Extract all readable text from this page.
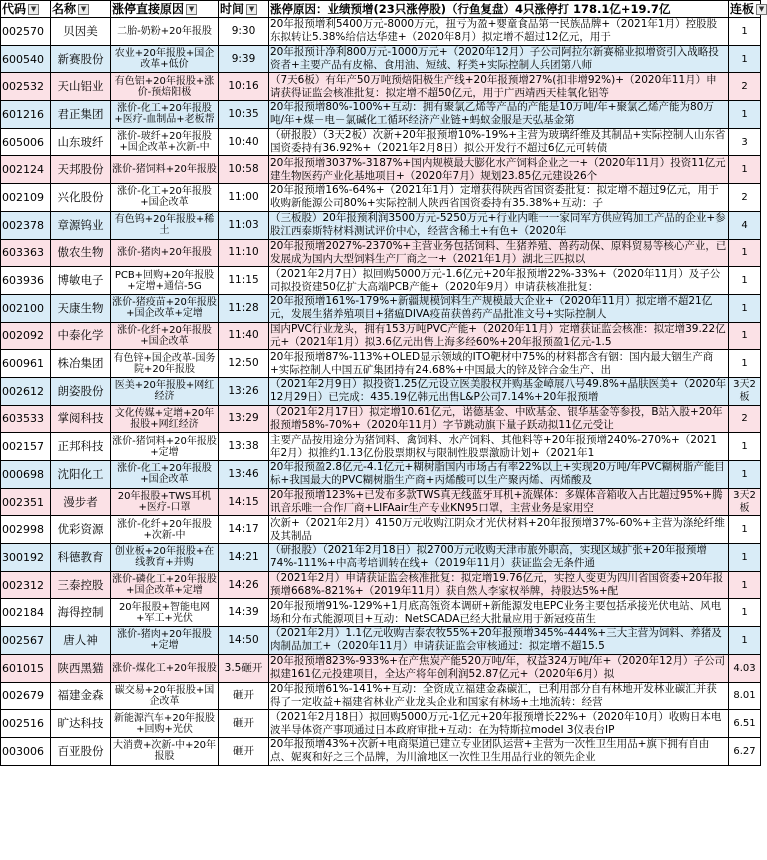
代码 ▼	名称 ▼	涨停直接原因 ▼	时间 ▼	涨停原因：业绩预增(23只涨停股)（行鱼复盘）4只涨停打 178.1亿+19.7亿	连板 ▼
002570	贝因美	二胎-奶粉+20年报股	9:30	20年报预增利5400万元-8000万元，扭亏为盈+婴童食品第一民族品牌+（2021年1月）控股股东拟转让5.38%给信达华建+（2020年8月）拟定增不超过12亿元，用于	1
600540	新赛股份	农业+20年报股+国企改革+低价	9:39	20年报预计净利800万元-1000万元+（2020年12月）子公司阿拉尔新赛棉业拟增资引入战略投资者+主要产品有皮棉、食用油、短绒、籽类+实际控制人兵团第八师	1
002532	天山铝业	有色铝+20年报股+涨价-预焙阳极	10:16	（7天6板）有年产50万吨预焙阳极生产线+20年报预增27%(扣非增92%)+（2020年11月）申请获得证监会核准批复：拟定增不超50亿元，用于广西靖西天桂氧化铝等	2
601216	君正集团	涨价-化工+20年报股+医疗-血制品+老板帮	10:35	20年报预增80%-100%+互动：拥有聚氯乙烯等产品的产能是10万吨/年+聚氯乙烯产能为80万吨/年+煤－电－氯碱化工循环经济产业链+蚂蚁金服是天弘基金第	1
605006	山东玻纤	涨价-玻纤+20年报股+国企改革+次新-中	10:40	（研报股）（3天2板）次新+20年报预增10%-19%+主营为玻璃纤维及其制品+实际控制人山东省国资委持有36.92%+（2021年2月8日）拟公开发行不超过6亿元可转债	3
002124	天邦股份	涨价-猪饲料+20年报股	10:58	20年报预增3037%-3187%+国内规模最大膨化水产饲料企业之一+（2020年11月）投资11亿元建生物医药产业化基地项目+（2020年7月）规划23.85亿元建设26个	1
002109	兴化股份	涨价-化工+20年报股+国企改革	11:00	20年报预增16%-64%+（2021年1月）定增获得陕西省国资委批复：拟定增不超过9亿元，用于收购新能源公司80%+实际控制人陕西省国资委持有35.38%+互动：子	2
002378	章源钨业	有色钨+20年报股+稀土	11:03	（三板股）20年报预利润3500万元-5250万元+行业内唯一一家同军方供应钨加工产品的企业+参股江西泰斯特材料测试评价中心，经营含稀土+有色+（2020年	4
603363	傲农生物	涨价-猪肉+20年报股	11:10	20年报预增2027%-2370%+主营业务包括饲料、生猪养殖、兽药动保、原料贸易等核心产业，已发展成为国内大型饲料生产厂商之一+（2021年1月）湖北三匹拟以	1
603936	博敏电子	PCB+回购+20年报股+定增+通信-5G	11:15	（2021年2月7日）拟回购5000万元-1.6亿元+20年报预增22%-33%+（2020年11月）及子公司拟投资建50亿扩大高端PCB产能+（2020年9月）申请获核准批复：	1
002100	天康生物	涨价-猪疫苗+20年报股+国企改革+定增	11:28	20年报预增161%-179%+新疆规模饲料生产规模最大企业+（2020年11月）拟定增不超21亿元，发展生猪养殖项目+猪瘟DIVA疫苗获兽药产品批准文号+实际控制人	1
002092	中泰化学	涨价-化纤+20年报股+国企改革	11:40	国内PVC行业龙头，拥有153万吨PVC产能+（2020年11月）定增获证监会核准：拟定增39.22亿元+（2021年1月）拟3.6亿元出售上海多经60%+20年报预盈1亿元-1.5	1
600961	株冶集团	有色锌+国企改革-国务院+20年报股	12:50	20年报预增87%-113%+OLED显示领域的ITO靶材中75%的材料都含有铟：国内最大铟生产商+实际控制人中国五矿集团持有24.68%+中国最大的锌及锌合金生产、出	1
002612	朗姿股份	医美+20年报股+网红经济	13:26	（2021年2月9日）拟投资1.25亿元设立医美股权并购基金嶂展八号49.8%+晶肤医美+（2020年12月29日）已完成：435.19亿韩元出售L&P公司7.14%+20年报预增	3天2板
603533	掌阅科技	文化传媒+定增+20年报股+网红经济	13:29	（2021年2月17日）拟定增10.61亿元，诺德基金、中欧基金、银华基金等参投，B站入股+20年报预增58%-70%+（2020年11月）字节跳动旗下量子跃动拟11亿元受让	2
002157	正邦科技	涨价-猪饲料+20年报股+定增	13:38	主要产品按用途分为猪饲料、禽饲料、水产饲料、其他料等+20年报预增240%-270%+（2021年2月）拟推约1.13亿份股票期权与限制性股票激励计划+（2021年1	1
000698	沈阳化工	涨价-化工+20年报股+国企改革	13:46	20年报预盈2.8亿元-4.1亿元+糊树脂国内市场占有率22%以上+实现20万吨/年PVC糊树脂产能目标+我国最大的PVC糊树脂生产商+丙烯酸可以生产聚丙烯、丙烯酸及	1
002351	漫步者	20年报股+TWS耳机+医疗-口罩	14:15	20年报预增123%+已发布多款TWS真无线蓝牙耳机+流媒体：多媒体音箱收入占比超过95%+腾讯音乐唯一合作厂商+LIFAair生产专业KN95口罩，主营业务是家用空	3天2板
002998	优彩资源	涨价-化纤+20年报股+次新-中	14:17	次新+（2021年2月）4150万元收购江阴众才光伏材料+20年报预增37%-60%+主营为涤纶纤维及其制品	1
300192	科德教育	创业板+20年报股+在线教育+并购	14:21	（研报股）（2021年2月18日）拟2700万元收购天津市旅外职高，实现区域扩张+20年报预增74%-111%+中高考培训转在线+（2019年11月）获证监会无条件通	1
002312	三泰控股	涨价-磷化工+20年报股+国企改革+定增	14:26	（2021年2月）申请获证监会核准批复：拟定增19.76亿元，实控人变更为四川省国资委+20年报预增668%-821%+（2019年11月）获自然人李家权举牌，持股达5%+配	1
002184	海得控制	20年报股+智能电网+军工+光伏	14:39	20年报预增91%-129%+1月底高瓴资本调研+新能源发电EPC业务主要包括承接光伏电站、风电场和分布式能源项目+互动：NetSCADA已经大批量应用于新冠疫苗生	1
002567	唐人神	涨价-猪肉+20年报股+定增	14:50	（2021年2月）1.1亿元收购吉泰农牧55%+20年报预增345%-444%+三大主营为饲料、养猪及肉制品加工+（2020年11月）申请获证监会审核通过：拟定增不超15.5	1
601015	陕西黑猫	涨价-煤化工+20年报股	3.5砸开	20年报预增823%-933%+在产焦炭产能520万吨/年，权益324万吨/年+（2020年12月）子公司拟建161亿元投建项目，全达产将年创利润52.87亿元+（2020年6月）拟	4.03
002679	福建金森	碳交易+20年报股+国企改革	砸开	20年报预增61%-141%+互动：全资成立福建金森碳汇，已利用部分自有林地开发林业碳汇并获得了一定收益+福建省林业产业龙头企业和国家有林场+土地流转：经营	8.01
002516	旷达科技	新能源汽车+20年报股+回购+光伏	砸开	（2021年2月18日）拟回购5000万元-1亿元+20年报预增长22%+（2020年10月）收购日本电波半导体资产事项通过日本政府审批+互动：在为特斯拉model 3仪表台IP	6.51
003006	百亚股份	大消费+次新-中+20年报股	砸开	20年报预增43%+次新+电商渠道已建立专业团队运营+主营为一次性卫生用品+旗下拥有自由点、妮爽和好之三个品牌，为川渝地区一次性卫生用品行业的领先企业	6.27
